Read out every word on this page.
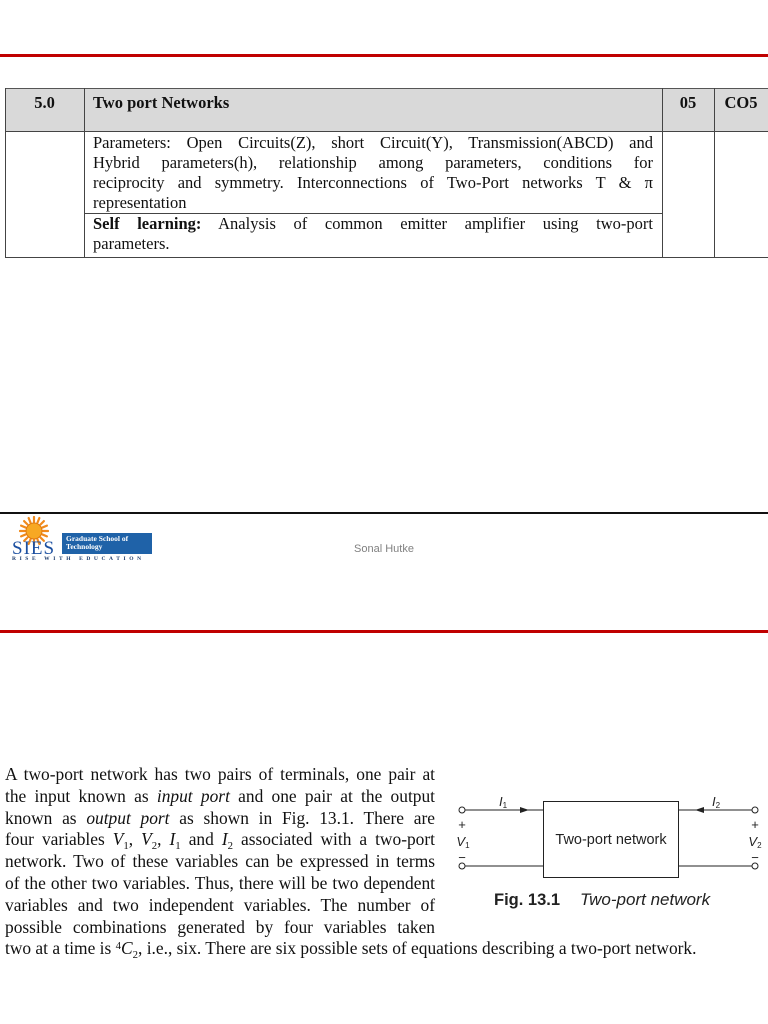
5.0	Two port Networks	05	CO5
Parameters: Open Circuits(Z), short Circuit(Y), Transmission(ABCD) and
Hybrid parameters(h), relationship among parameters, conditions for
reciprocity and symmetry. Interconnections of Two-Port networks T & π
representation
Self learning: Analysis of common emitter amplifier using two-port
parameters.
SIES Graduate School of
Technology
RISE WITH EDUCATION
Sonal Hutke
A two-port network has two pairs of terminals, one pair at
the input known as input port and one pair at the output
known as output port as shown in Fig. 13.1. There are
four variables $V_1$, $V_2$, $I_1$ and $I_2$ associated with a two-port
network. Two of these variables can be expressed in terms
of the other two variables. Thus, there will be two dependent
variables and two independent variables. The number of
possible combinations generated by four variables taken
two at a time is $^4C_2$, i.e., six. There are six possible sets of equations describing a two-port network.
Two-port network
$I_1$
+
$V_1$
−
$I_2$
+
$V_2$
−
Fig. 13.1 Two-port network
